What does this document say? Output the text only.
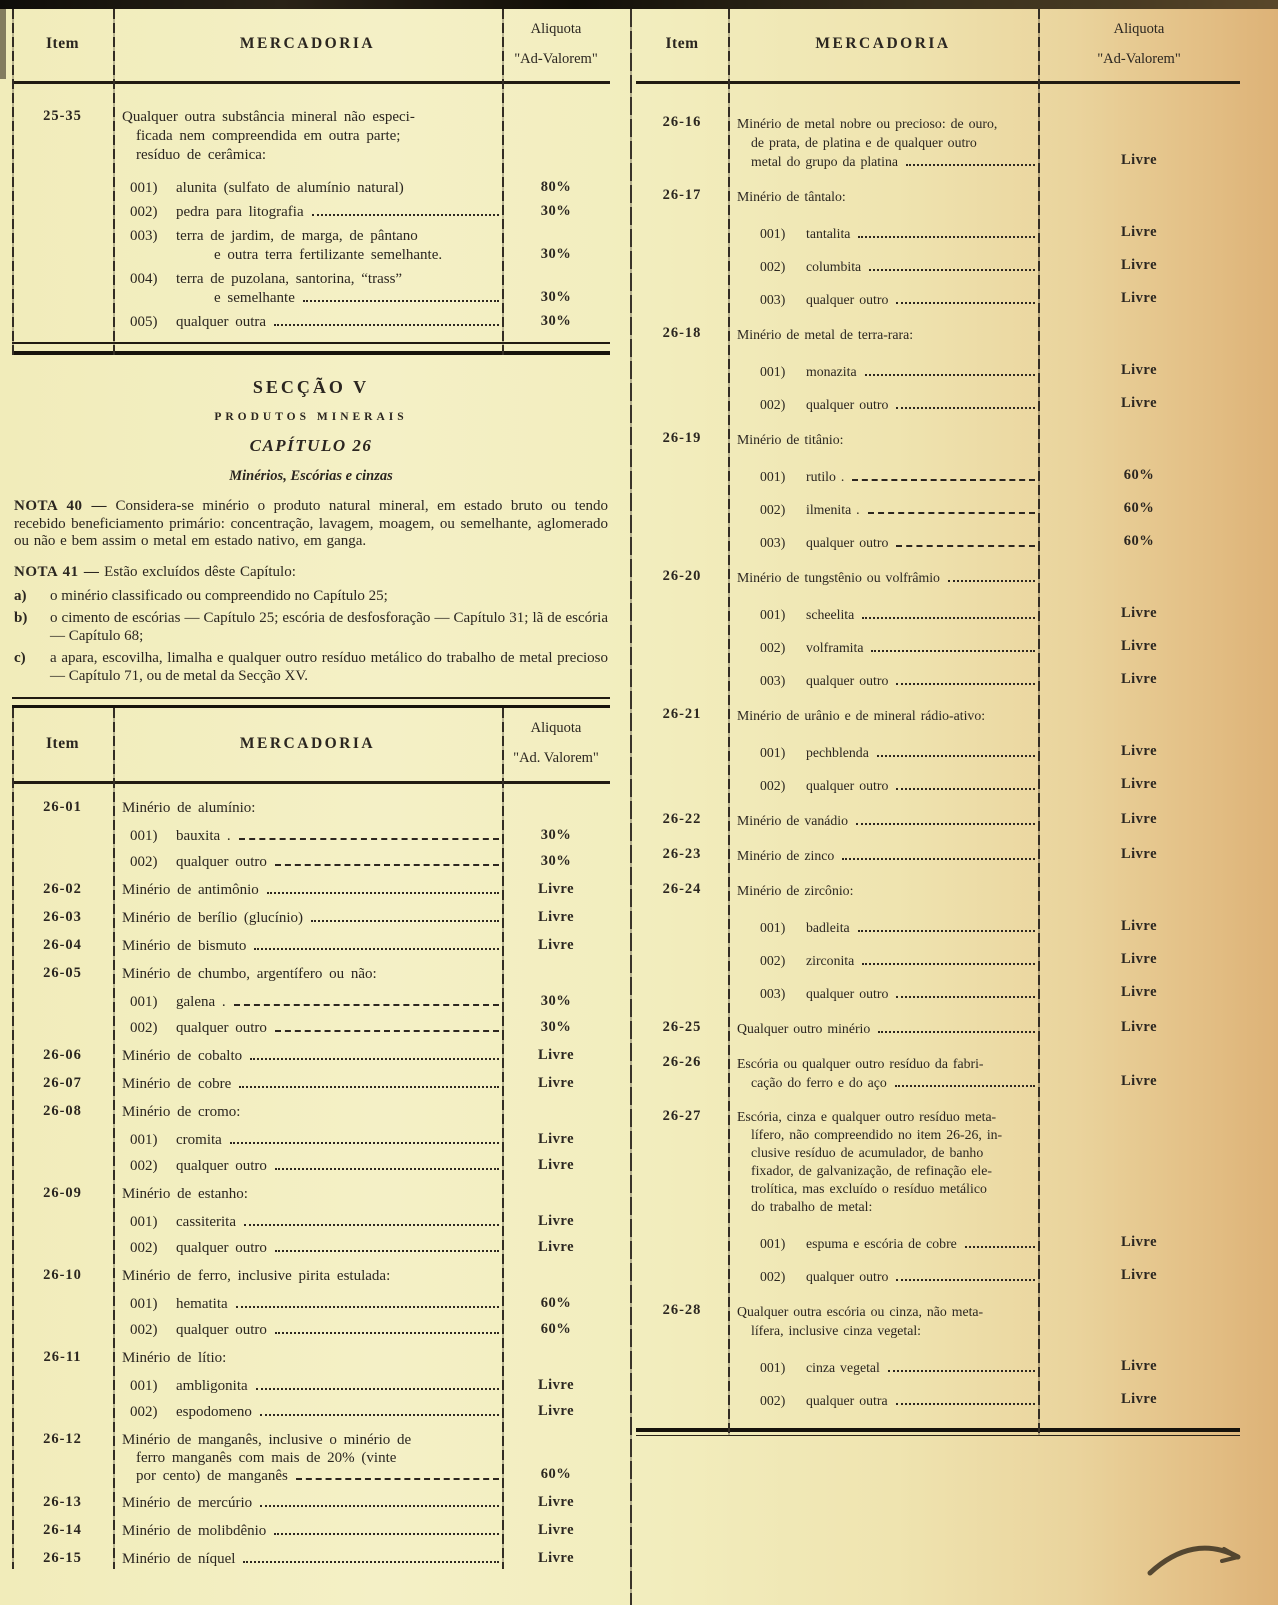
Item	MERCADORIA
Aliquota
"Ad-Valorem"
25-35	Qualquer outra substância mineral não especi-
ficada nem compreendida em outra parte;
resíduo de cerâmica:
001)	alunita (sulfato de alumínio natural)	80%
002)	pedra para litografia	30%
003)	terra de jardim, de marga, de pântano
e outra terra fertilizante semelhante.	30%
004)	terra de puzolana, santorina, “trass”
e semelhante	30%
005)	qualquer outra	30%
SECÇÃO V
PRODUTOS MINERAIS
CAPÍTULO 26
Minérios, Escórias e cinzas
NOTA 40 — Considera-se minério o produto natural mineral, em estado bruto ou tendo recebido beneficiamento primário: concentração, lavagem, moagem, ou semelhante, aglomerado ou não e bem assim o metal em estado nativo, em ganga.
NOTA 41 — Estão excluídos dêste Capítulo:
a)	o minério classificado ou compreendido no Capítulo 25;
b)	o cimento de escórias — Capítulo 25; escória de desfosforação — Capítulo 31; lã de escória — Capítulo 68;
c)	a apara, escovilha, limalha e qualquer outro resíduo metálico do trabalho de metal precioso — Capítulo 71, ou de metal da Secção XV.
Item	MERCADORIA
Aliquota
"Ad. Valorem"
26-01	Minério de alumínio:
001)	bauxita .	30%
002)	qualquer outro	30%
26-02	Minério de antimônio	Livre
26-03	Minério de berílio (glucínio)	Livre
26-04	Minério de bismuto	Livre
26-05	Minério de chumbo, argentífero ou não:
001)	galena .	30%
002)	qualquer outro	30%
26-06	Minério de cobalto	Livre
26-07	Minério de cobre	Livre
26-08	Minério de cromo:
001)	cromita	Livre
002)	qualquer outro	Livre
26-09	Minério de estanho:
001)	cassiterita	Livre
002)	qualquer outro	Livre
26-10	Minério de ferro, inclusive pirita estulada:
001)	hematita	60%
002)	qualquer outro	60%
26-11	Minério de lítio:
001)	ambligonita	Livre
002)	espodomeno	Livre
26-12	Minério de manganês, inclusive o minério de
ferro manganês com mais de 20% (vinte
por cento) de manganês	60%
26-13	Minério de mercúrio	Livre
26-14	Minério de molibdênio	Livre
26-15	Minério de níquel	Livre
Item	MERCADORIA
Aliquota
"Ad-Valorem"
26-16	Minério de metal nobre ou precioso: de ouro,
de prata, de platina e de qualquer outro
metal do grupo da platina	Livre
26-17	Minério de tântalo:
001)	tantalita	Livre
002)	columbita	Livre
003)	qualquer outro	Livre
26-18	Minério de metal de terra-rara:
001)	monazita	Livre
002)	qualquer outro	Livre
26-19	Minério de titânio:
001)	rutilo .	60%
002)	ilmenita .	60%
003)	qualquer outro	60%
26-20	Minério de tungstênio ou volfrâmio
001)	scheelita	Livre
002)	volframita	Livre
003)	qualquer outro	Livre
26-21	Minério de urânio e de mineral rádio-ativo:
001)	pechblenda	Livre
002)	qualquer outro	Livre
26-22	Minério de vanádio	Livre
26-23	Minério de zinco	Livre
26-24	Minério de zircônio:
001)	badleita	Livre
002)	zirconita	Livre
003)	qualquer outro	Livre
26-25	Qualquer outro minério	Livre
26-26	Escória ou qualquer outro resíduo da fabri-
cação do ferro e do aço	Livre
26-27	Escória, cinza e qualquer outro resíduo meta-
lífero, não compreendido no item 26-26, in-
clusive resíduo de acumulador, de banho
fixador, de galvanização, de refinação ele-
trolítica, mas excluído o resíduo metálico
do trabalho de metal:
001)	espuma e escória de cobre	Livre
002)	qualquer outro	Livre
26-28	Qualquer outra escória ou cinza, não meta-
lífera, inclusive cinza vegetal:
001)	cinza vegetal	Livre
002)	qualquer outra	Livre
